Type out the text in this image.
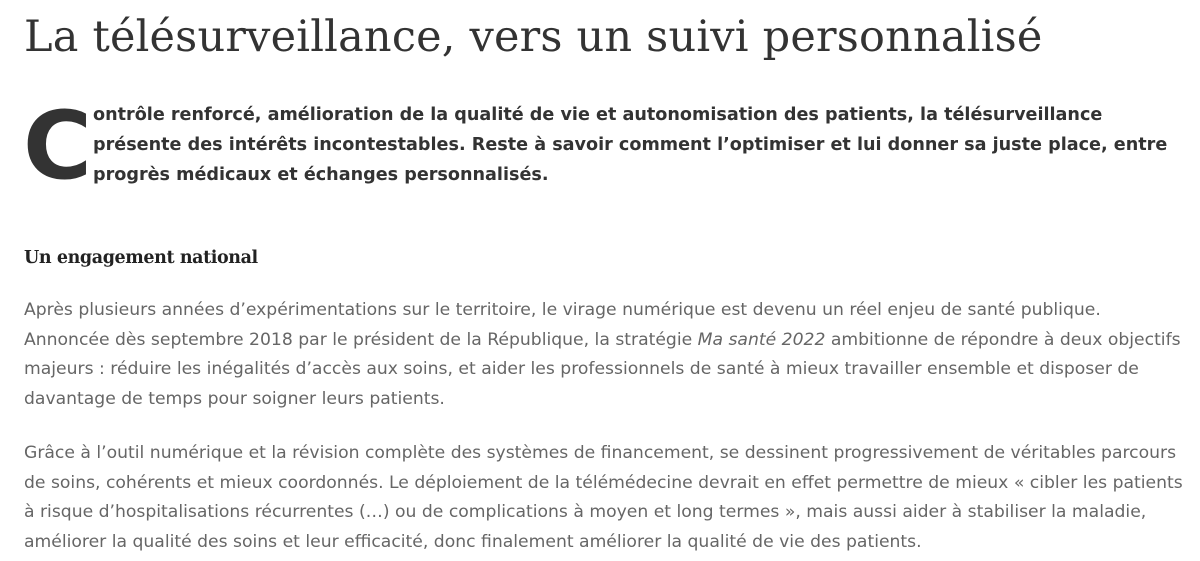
La télésurveillance, vers un suivi personnalisé
C ontrôle renforcé, amélioration de la qualité de vie et autonomisation des patients, la télésurveillance présente des intérêts incontestables. Reste à savoir comment l’optimiser et lui donner sa juste place, entre progrès médicaux et échanges personnalisés.

Un engagement national

Après plusieurs années d’expérimentations sur le territoire, le virage numérique est devenu un réel enjeu de santé publique. Annoncée dès septembre 2018 par le président de la République, la stratégie Ma santé 2022 ambitionne de répondre à deux objectifs majeurs : réduire les inégalités d’accès aux soins, et aider les professionnels de santé à mieux travailler ensemble et disposer de davantage de temps pour soigner leurs patients.

Grâce à l’outil numérique et la révision complète des systèmes de financement, se dessinent progressivement de véritables parcours de soins, cohérents et mieux coordonnés. Le déploiement de la télémédecine devrait en effet permettre de mieux « cibler les patients à risque d’hospitalisations récurrentes (…) ou de complications à moyen et long termes », mais aussi aider à stabiliser la maladie, améliorer la qualité des soins et leur efficacité, donc finalement améliorer la qualité de vie des patients.
